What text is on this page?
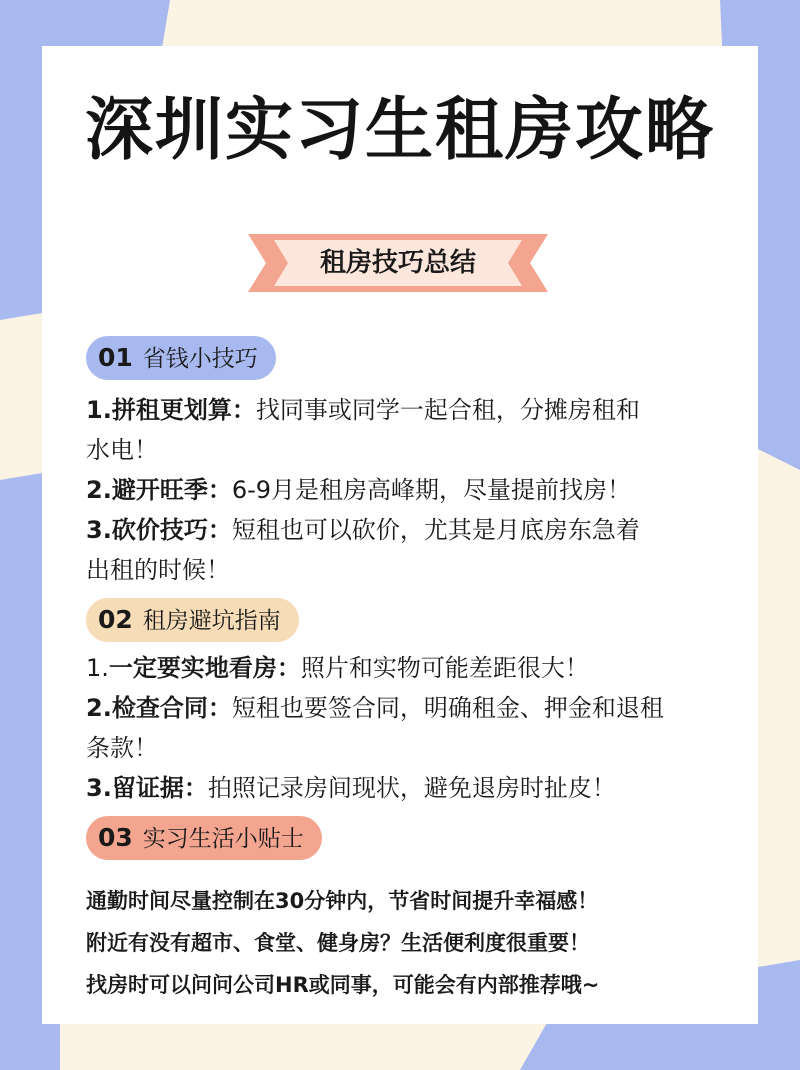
深圳实习生租房攻略
租房技巧总结
01 省钱小技巧
1.拼租更划算：找同事或同学一起合租，分摊房租和
水电！
2.避开旺季：6-9月是租房高峰期，尽量提前找房！
3.砍价技巧：短租也可以砍价，尤其是月底房东急着
出租的时候！
02 租房避坑指南
1.一定要实地看房：照片和实物可能差距很大！
2.检查合同：短租也要签合同，明确租金、押金和退租
条款！
3.留证据：拍照记录房间现状，避免退房时扯皮！
03 实习生活小贴士
通勤时间尽量控制在30分钟内，节省时间提升幸福感！
附近有没有超市、食堂、健身房？生活便利度很重要！
找房时可以问问公司HR或同事，可能会有内部推荐哦~
